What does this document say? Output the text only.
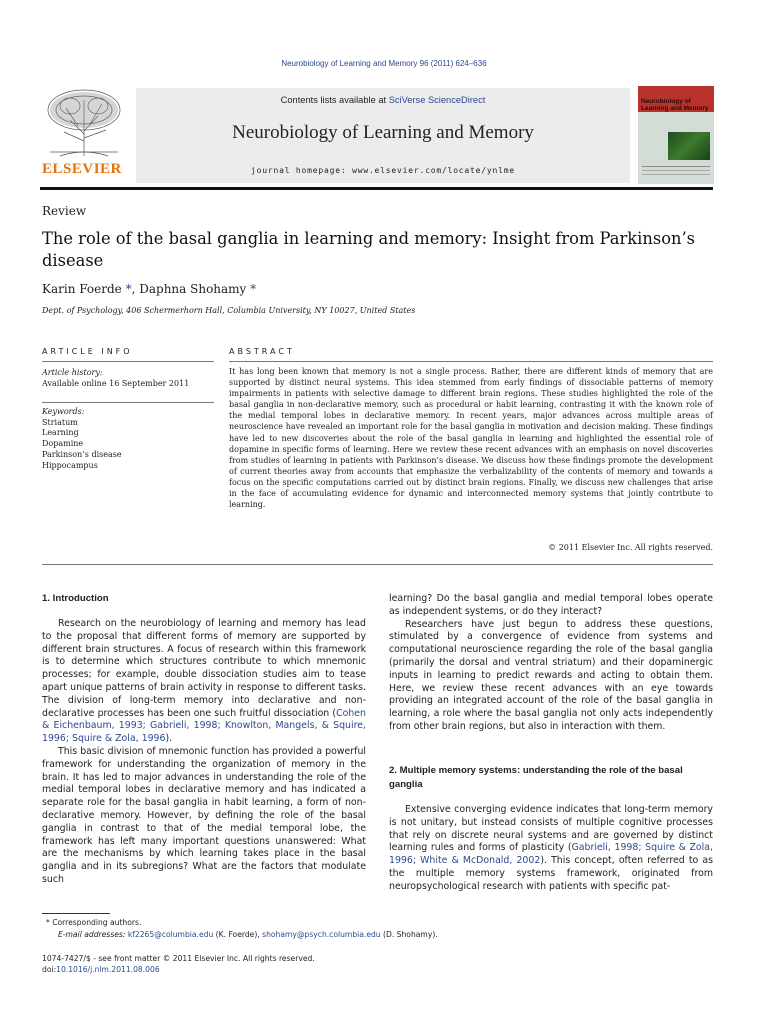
Neurobiology of Learning and Memory 96 (2011) 624–636
ELSEVIER
Contents lists available at SciVerse ScienceDirect
Neurobiology of Learning and Memory
journal homepage: www.elsevier.com/locate/ynlme
Neurobiology of Learning and Memory
Review
The role of the basal ganglia in learning and memory: Insight from Parkinson’s disease
Karin Foerde *, Daphna Shohamy *
Dept. of Psychology, 406 Schermerhorn Hall, Columbia University, NY 10027, United States
ARTICLE INFO
Article history:
Available online 16 September 2011
Keywords:
Striatum
Learning
Dopamine
Parkinson’s disease
Hippocampus
ABSTRACT
It has long been known that memory is not a single process. Rather, there are different kinds of memory that are supported by distinct neural systems. This idea stemmed from early findings of dissociable patterns of memory impairments in patients with selective damage to different brain regions. These studies highlighted the role of the basal ganglia in non-declarative memory, such as procedural or habit learning, contrasting it with the known role of the medial temporal lobes in declarative memory. In recent years, major advances across multiple areas of neuroscience have revealed an important role for the basal ganglia in motivation and decision making. These findings have led to new discoveries about the role of the basal ganglia in learning and highlighted the essential role of dopamine in specific forms of learning. Here we review these recent advances with an emphasis on novel discoveries from studies of learning in patients with Parkinson’s disease. We discuss how these findings promote the development of current theories away from accounts that emphasize the verbalizability of the contents of memory and towards a focus on the specific computations carried out by distinct brain regions. Finally, we discuss new challenges that arise in the face of accumulating evidence for dynamic and interconnected memory systems that jointly contribute to learning.
© 2011 Elsevier Inc. All rights reserved.
1. Introduction

Research on the neurobiology of learning and memory has lead to the proposal that different forms of memory are supported by different brain structures. A focus of research within this framework is to determine which structures contribute to which mnemonic processes; for example, double dissociation studies aim to tease apart unique patterns of brain activity in response to different tasks. The division of long-term memory into declarative and non-declarative processes has been one such fruitful dissociation (Cohen & Eichenbaum, 1993; Gabrieli, 1998; Knowlton, Mangels, & Squire, 1996; Squire & Zola, 1996).

This basic division of mnemonic function has provided a powerful framework for understanding the organization of memory in the brain. It has led to major advances in understanding the role of the medial temporal lobes in declarative memory and has indicated a separate role for the basal ganglia in habit learning, a form of non-declarative memory. However, by defining the role of the basal ganglia in contrast to that of the medial temporal lobe, the framework has left many important questions unanswered: What are the mechanisms by which learning takes place in the basal ganglia and in its subregions? What are the factors that modulate such

learning? Do the basal ganglia and medial temporal lobes operate as independent systems, or do they interact?

Researchers have just begun to address these questions, stimulated by a convergence of evidence from systems and computational neuroscience regarding the role of the basal ganglia (primarily the dorsal and ventral striatum) and their dopaminergic inputs in learning to predict rewards and acting to obtain them. Here, we review these recent advances with an eye towards providing an integrated account of the role of the basal ganglia in learning, a role where the basal ganglia not only acts independently from other brain regions, but also in interaction with them.

2. Multiple memory systems: understanding the role of the basal ganglia

Extensive converging evidence indicates that long-term memory is not unitary, but instead consists of multiple cognitive processes that rely on discrete neural systems and are governed by distinct learning rules and forms of plasticity (Gabrieli, 1998; Squire & Zola, 1996; White & McDonald, 2002). This concept, often referred to as the multiple memory systems framework, originated from neuropsychological research with patients with specific pat-

* Corresponding authors.
E-mail addresses: kf2265@columbia.edu (K. Foerde), shohamy@psych.columbia.edu (D. Shohamy).
1074-7427/$ - see front matter © 2011 Elsevier Inc. All rights reserved.
doi:10.1016/j.nlm.2011.08.006
